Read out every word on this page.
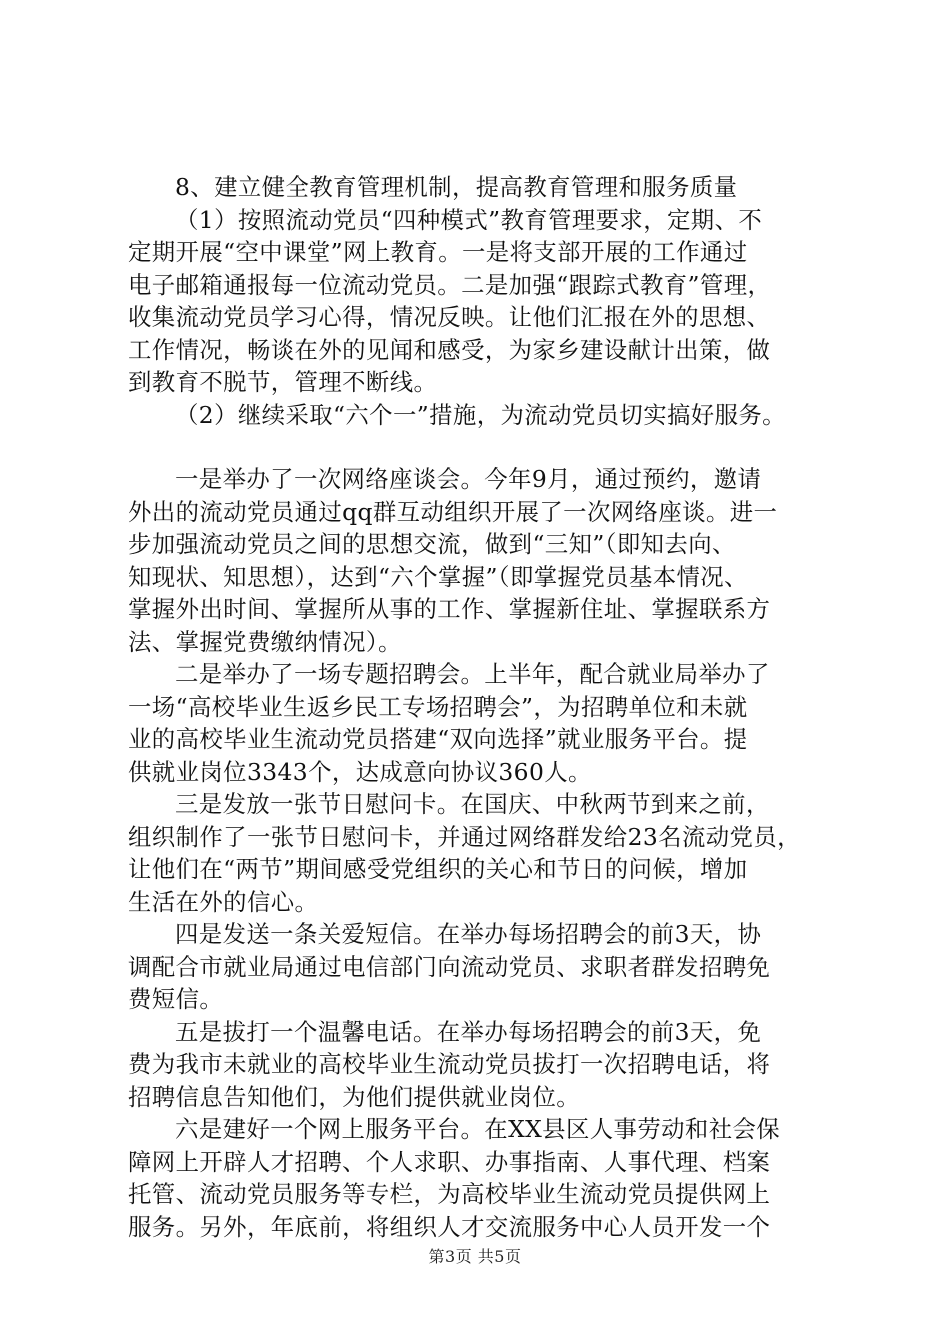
8、建立健全教育管理机制，提高教育管理和服务质量
（1）按照流动党员“四种模式”教育管理要求，定期、不
定期开展“空中课堂”网上教育。一是将支部开展的工作通过
电子邮箱通报每一位流动党员。二是加强“跟踪式教育”管理，
收集流动党员学习心得，情况反映。让他们汇报在外的思想、
工作情况，畅谈在外的见闻和感受，为家乡建设献计出策，做
到教育不脱节，管理不断线。
（2）继续采取“六个一”措施，为流动党员切实搞好服务。
一是举办了一次网络座谈会。今年9月，通过预约，邀请
外出的流动党员通过qq群互动组织开展了一次网络座谈。进一
步加强流动党员之间的思想交流，做到“三知”（即知去向、
知现状、知思想），达到“六个掌握”（即掌握党员基本情况、
掌握外出时间、掌握所从事的工作、掌握新住址、掌握联系方
法、掌握党费缴纳情况）。
二是举办了一场专题招聘会。上半年，配合就业局举办了
一场“高校毕业生返乡民工专场招聘会”，为招聘单位和未就
业的高校毕业生流动党员搭建“双向选择”就业服务平台。提
供就业岗位3343个，达成意向协议360人。
三是发放一张节日慰问卡。在国庆、中秋两节到来之前，
组织制作了一张节日慰问卡，并通过网络群发给23名流动党员，
让他们在“两节”期间感受党组织的关心和节日的问候，增加
生活在外的信心。
四是发送一条关爱短信。在举办每场招聘会的前3天，协
调配合市就业局通过电信部门向流动党员、求职者群发招聘免
费短信。
五是拔打一个温馨电话。在举办每场招聘会的前3天，免
费为我市未就业的高校毕业生流动党员拔打一次招聘电话，将
招聘信息告知他们，为他们提供就业岗位。
六是建好一个网上服务平台。在XX县区人事劳动和社会保
障网上开辟人才招聘、个人求职、办事指南、人事代理、档案
托管、流动党员服务等专栏，为高校毕业生流动党员提供网上
服务。另外，年底前，将组织人才交流服务中心人员开发一个
第3页 共5页
